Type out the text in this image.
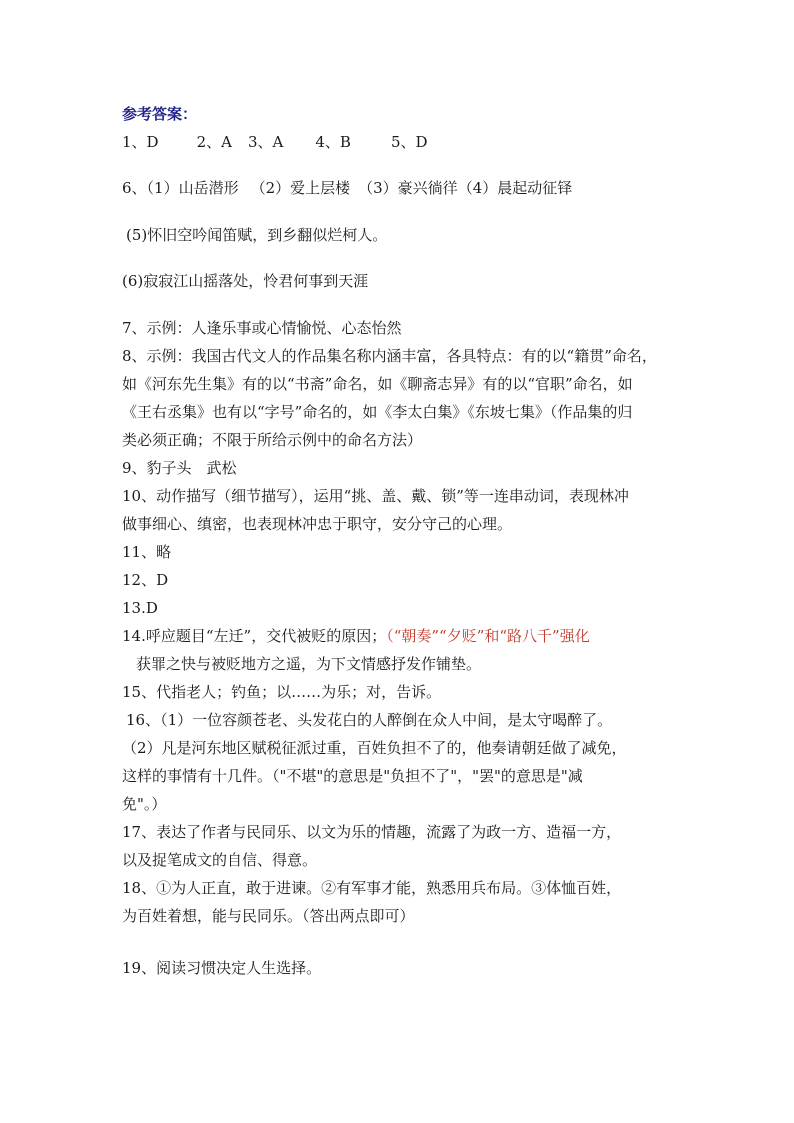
参考答案：
1、D	2、A 3、A 4、B	5、D
6、（1）山岳潜形 （2）爱上层楼 （3）豪兴徜徉（4）晨起动征铎
(5)怀旧空吟闻笛赋，到乡翻似烂柯人。
(6)寂寂江山摇落处，怜君何事到天涯
7、示例：人逢乐事或心情愉悦、心态怡然
8、示例：我国古代文人的作品集名称内涵丰富，各具特点：有的以“籍贯”命名，
如《河东先生集》有的以“书斋”命名，如《聊斋志异》有的以“官职”命名，如
《王右丞集》也有以“字号”命名的，如《李太白集》《东坡七集》（作品集的归
类必须正确；不限于所给示例中的命名方法）
9、豹子头　武松
10、动作描写（细节描写），运用“挑、盖、戴、锁”等一连串动词，表现林冲
做事细心、缜密，也表现林冲忠于职守，安分守己的心理。
11、略
12、D
13.D
14.呼应题目“左迁”，交代被贬的原因；（“朝奏”“夕贬”和“路八千”强化
获罪之快与被贬地方之遥，为下文情感抒发作铺垫。
15、代指老人；钓鱼；以……为乐；对，告诉。
16、（1）一位容颜苍老、头发花白的人醉倒在众人中间，是太守喝醉了。
（2）凡是河东地区赋税征派过重，百姓负担不了的，他奏请朝廷做了减免，
这样的事情有十几件。（"不堪"的意思是"负担不了"，"罢"的意思是"减
免"。）
17、表达了作者与民同乐、以文为乐的情趣，流露了为政一方、造福一方，
以及捉笔成文的自信、得意。
18、①为人正直，敢于进谏。②有军事才能，熟悉用兵布局。③体恤百姓，
为百姓着想，能与民同乐。（答出两点即可）
19、阅读习惯决定人生选择。
